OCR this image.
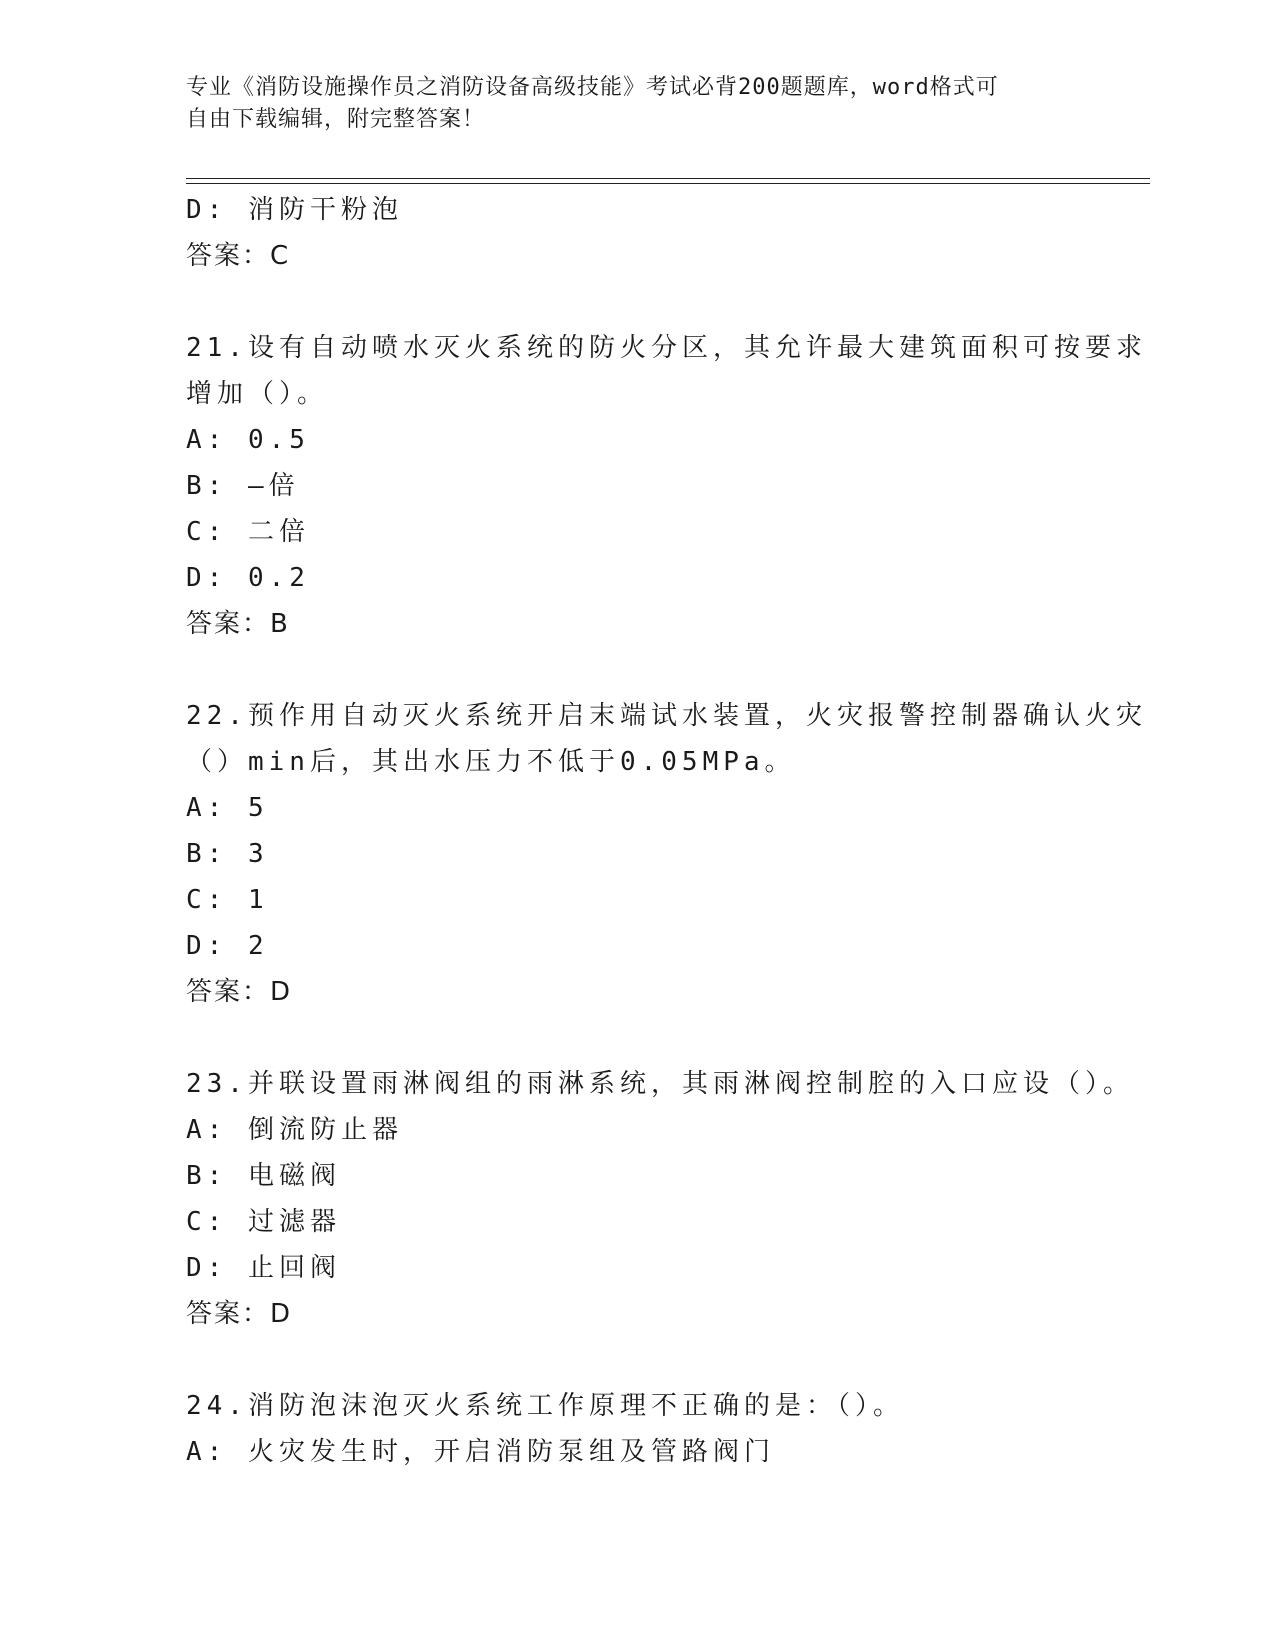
专业《消防设施操作员之消防设备高级技能》考试必背200题题库，word格式可
自由下载编辑，附完整答案！
D: 消防干粉泡
答案：C
21.设有自动喷水灭火系统的防火分区，其允许最大建筑面积可按要求
增加（）。
A: 0.5
B: —倍
C: 二倍
D: 0.2
答案：B
22.预作用自动灭火系统开启末端试水装置，火灾报警控制器确认火灾
（）min后，其出水压力不低于0.05MPa。
A: 5
B: 3
C: 1
D: 2
答案：D
23.并联设置雨淋阀组的雨淋系统，其雨淋阀控制腔的入口应设（）。
A: 倒流防止器
B: 电磁阀
C: 过滤器
D: 止回阀
答案：D
24.消防泡沫泡灭火系统工作原理不正确的是：（）。
A: 火灾发生时，开启消防泵组及管路阀门
